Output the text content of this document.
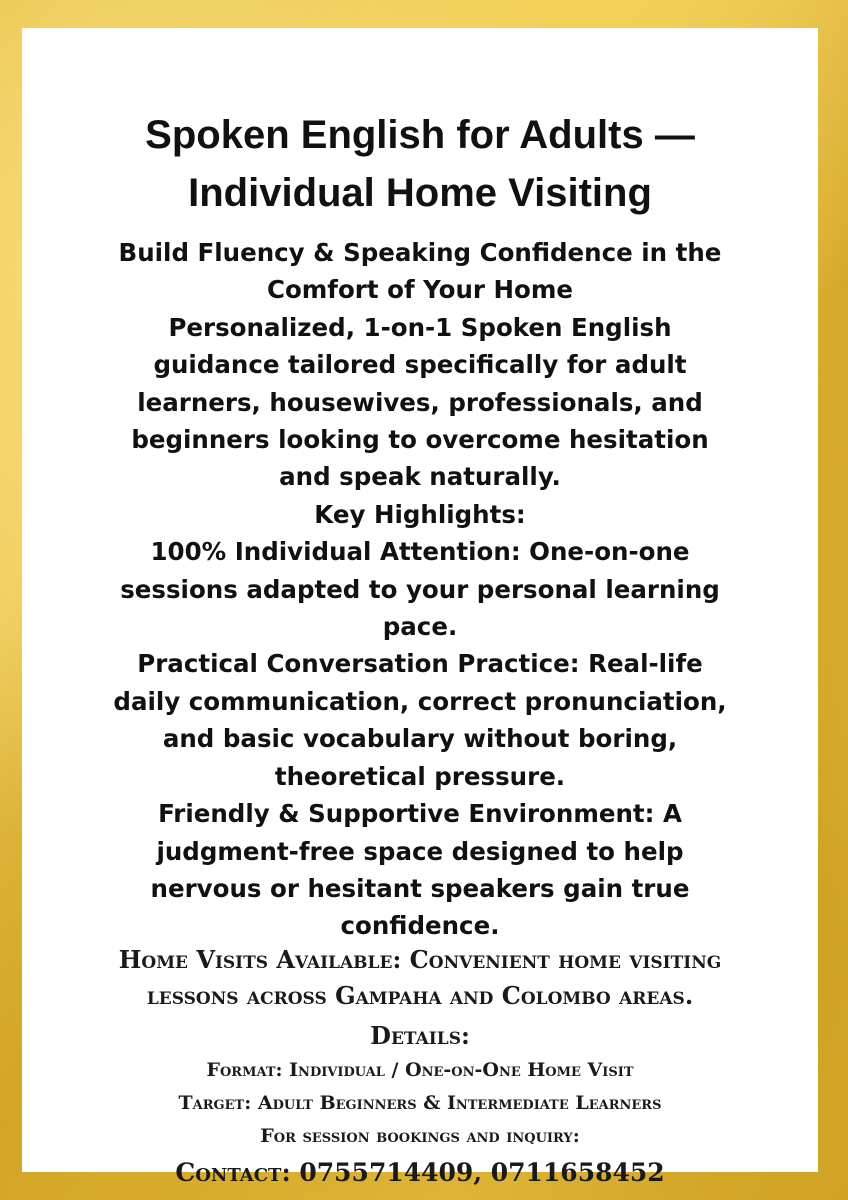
Spoken English for Adults —
Individual Home Visiting

Build Fluency & Speaking Confidence in the

Comfort of Your Home

Personalized, 1-on-1 Spoken English

guidance tailored specifically for adult

learners, housewives, professionals, and

beginners looking to overcome hesitation

and speak naturally.

Key Highlights:

100% Individual Attention: One-on-one

sessions adapted to your personal learning

pace.

Practical Conversation Practice: Real-life

daily communication, correct pronunciation,

and basic vocabulary without boring,

theoretical pressure.

Friendly & Supportive Environment: A

judgment-free space designed to help

nervous or hesitant speakers gain true

confidence.

Home Visits Available: Convenient home visiting

lessons across Gampaha and Colombo areas.

Details:

Format: Individual / One-on-One Home Visit

Target: Adult Beginners & Intermediate Learners

For session bookings and inquiry:

Contact: 0755714409, 0711658452
